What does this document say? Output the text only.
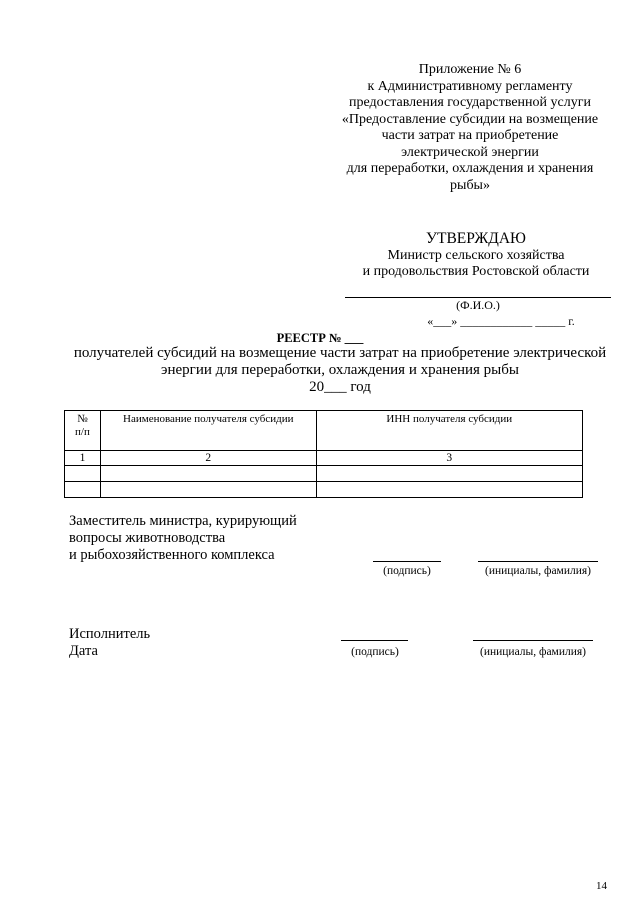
Приложение № 6
к Административному регламенту
предоставления государственной услуги
«Предоставление субсидии на возмещение
части затрат на приобретение
электрической энергии
для переработки, охлаждения и хранения
рыбы»
УТВЕРЖДАЮ
Министр сельского хозяйства
и продовольствия Ростовской области
(Ф.И.О.)
«___» ____________ _____ г.
РЕЕСТР № ___
получателей субсидий на возмещение части затрат на приобретение электрической
энергии для переработки, охлаждения и хранения рыбы
20___ год
№ п/п	Наименование получателя субсидии	ИНН получателя субсидии
1	2	3

Заместитель министра, курирующий
вопросы животноводства
и рыбохозяйственного комплекса
(подпись)	(инициалы, фамилия)
Исполнитель
Дата	(подпись)	(инициалы, фамилия)
14
